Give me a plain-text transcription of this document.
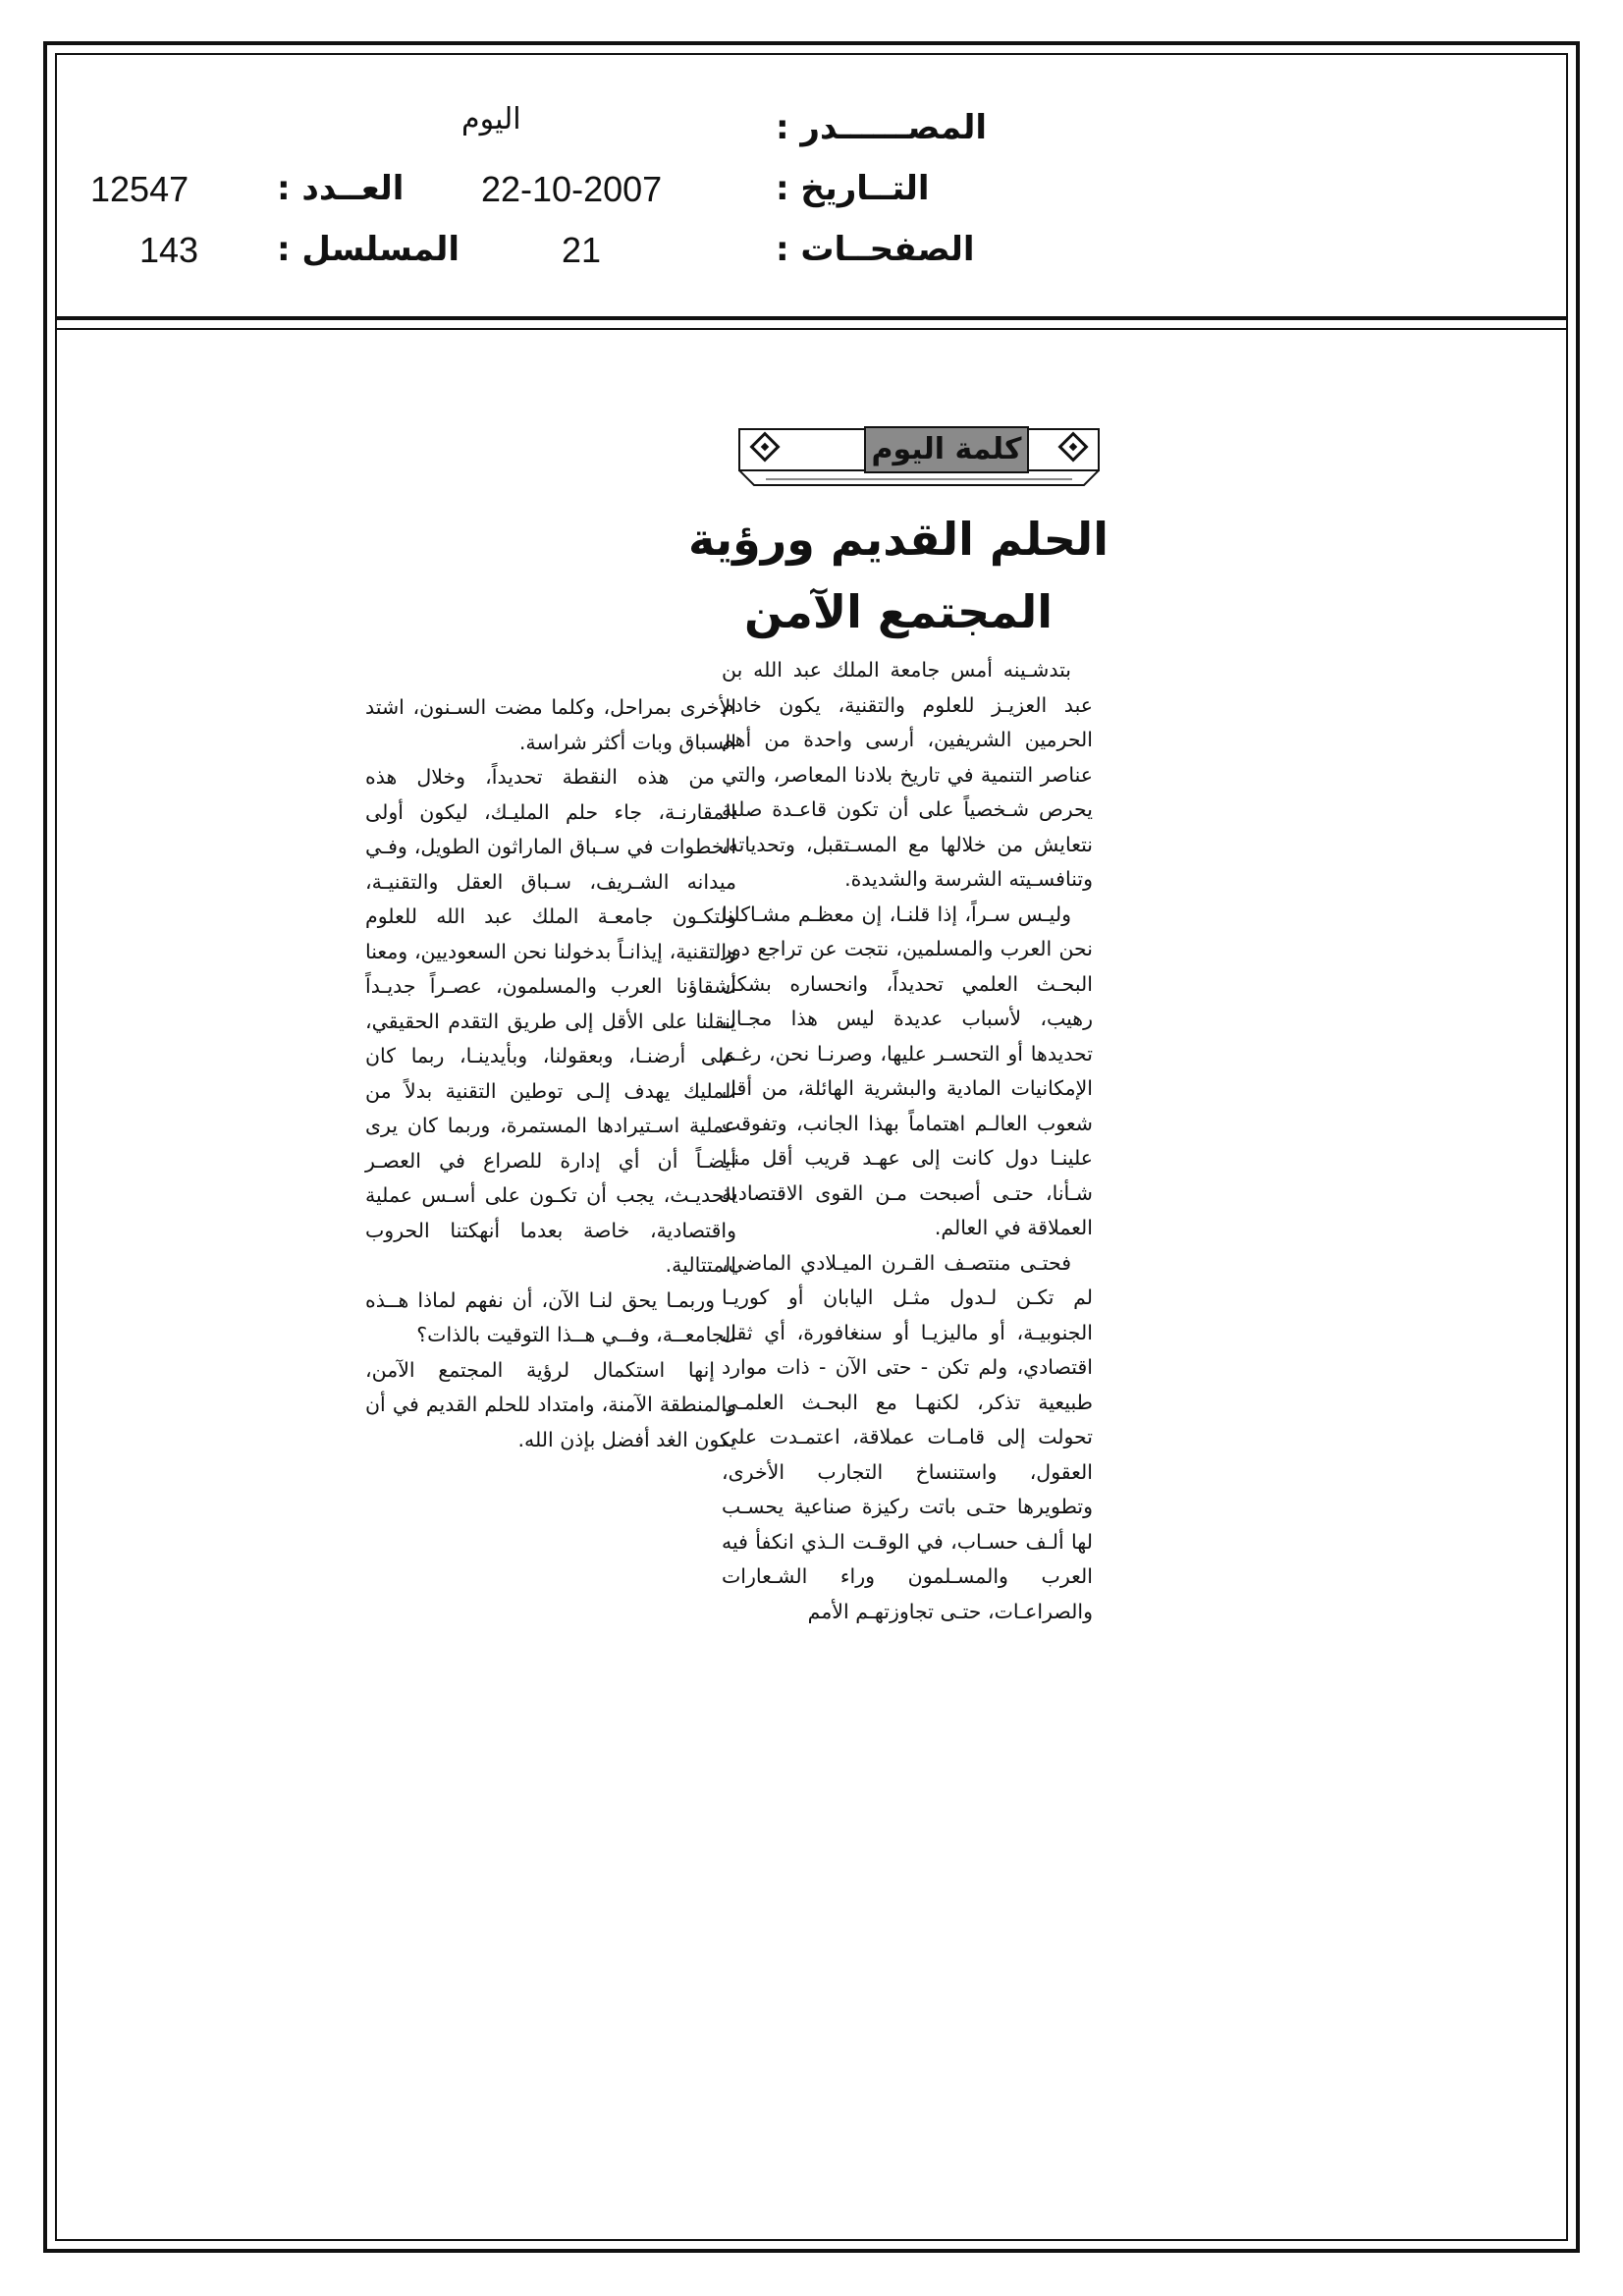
المصــــــدر :
اليوم
التــاريخ :
22-10-2007
الصفحــات :
21
العــدد :
12547
المسلسل :
143
كلمة اليوم
الحلم القديم ورؤية
المجتمع الآمن

بتدشـينه أمس جامعة الملك عبد الله بن عبد العزيـز للعلوم والتقنية، يكون خادم الحرمين الشريفين، أرسى واحدة من أهم عناصر التنمية في تاريخ بلادنا المعاصر، والتي يحرص شـخصياً على أن تكون قاعـدة صلبة نتعايش من خلالها مع المسـتقبل، وتحدياته، وتنافسـيته الشرسة والشديدة.

وليـس سـراً، إذا قلنـا، إن معظـم مشـاكلنا نحن العرب والمسلمين، نتجت عن تراجع دور البحـث العلمي تحديداً، وانحساره بشكل رهيب، لأسباب عديدة ليس هذا مجـال تحديدها أو التحسـر عليها، وصرنـا نحن، رغـم الإمكانيات المادية والبشرية الهائلة، من أقل شعوب العالـم اهتماماً بهذا الجانب، وتفوقت علينـا دول كانت إلى عهـد قريب أقل منـا شـأنا، حتـى أصبحت مـن القوى الاقتصادية العملاقة في العالم.

فحتـى منتصـف القـرن الميـلادي الماضي، لم تكـن لـدول مثـل اليابان أو كوريـا الجنوبيـة، أو ماليزيـا أو سنغافورة، أي ثقل اقتصادي، ولم تكن - حتى الآن - ذات موارد طبيعية تذكر، لكنهـا مع البحـث العلمـي تحولت إلى قامـات عملاقة، اعتمـدت على العقول، واستنساخ التجارب الأخرى، وتطويرها حتـى باتت ركيزة صناعية يحسـب لها ألـف حسـاب، في الوقـت الـذي انكفأ فيه العرب والمسـلمون وراء الشـعارات والصراعـات، حتـى تجاوزتهـم الأمم

الأخرى بمراحل، وكلما مضت السـنون، اشتد السباق وبات أكثر شراسة.

من هذه النقطة تحديداً، وخلال هذه المقارنـة، جاء حلم المليـك، ليكون أولى الخطوات في سـباق الماراثون الطويل، وفـي ميدانه الشـريف، سـباق العقل والتقنيـة، ولتكـون جامعـة الملك عبد الله للعلوم والتقنية، إيذانـاً بدخولنا نحن السعوديين، ومعنا أشقاؤنا العرب والمسلمون، عصـراً جديـداً ينقلنا على الأقل إلى طريق التقدم الحقيقي، على أرضنـا، وبعقولنا، وبأيدينـا، ربما كان المليك يهدف إلـى توطين التقنية بدلاً من عملية اسـتيرادها المستمرة، وربما كان يرى أيضـاً أن أي إدارة للصراع في العصـر الحديـث، يجب أن تكـون على أسـس عملية واقتصادية، خاصة بعدما أنهكتنا الحروب المتتالية.

وربمـا يحق لنـا الآن، أن نفهم لماذا هــذه الجامعــة، وفــي هــذا التوقيت بالذات؟

إنها استكمال لرؤية المجتمع الآمن، والمنطقة الآمنة، وامتداد للحلم القديم في أن يكون الغد أفضل بإذن الله.
